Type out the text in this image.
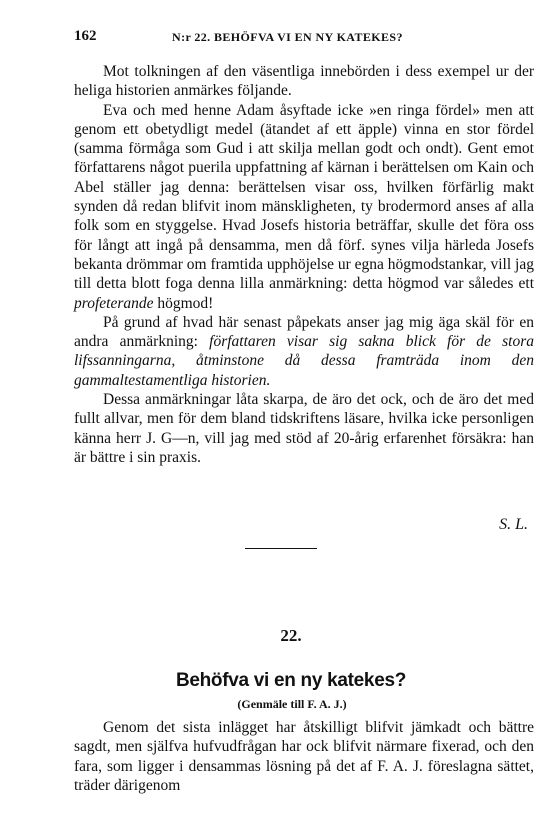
162	N:r 22. BEHÖFVA VI EN NY KATEKES?

Mot tolkningen af den väsentliga innebörden i dess exempel ur der heliga historien anmärkes följande.

Eva och med henne Adam åsyftade icke »en ringa fördel» men att genom ett obetydligt medel (ätandet af ett äpple) vinna en stor fördel (samma förmåga som Gud i att skilja mellan godt och ondt). Gent emot författarens något puerila uppfattning af kärnan i berättelsen om Kain och Abel ställer jag denna: berättelsen visar oss, hvilken förfärlig makt synden då redan blifvit inom mänskligheten, ty brodermord anses af alla folk som en styggelse. Hvad Josefs historia beträffar, skulle det föra oss för långt att ingå på densamma, men då förf. synes vilja härleda Josefs bekanta drömmar om framtida upphöjelse ur egna högmodstankar, vill jag till detta blott foga denna lilla anmärkning: detta högmod var således ett profeterande högmod!

På grund af hvad här senast påpekats anser jag mig äga skäl för en andra anmärkning: författaren visar sig sakna blick för de stora lifssanningarna, åtminstone då dessa framträda inom den gammaltestamentliga historien.

Dessa anmärkningar låta skarpa, de äro det ock, och de äro det med fullt allvar, men för dem bland tidskriftens läsare, hvilka icke personligen känna herr J. G—n, vill jag med stöd af 20-årig erfarenhet försäkra: han är bättre i sin praxis.

S. L.
22.
Behöfva vi en ny katekes?
(Genmäle till F. A. J.)

Genom det sista inlägget har åtskilligt blifvit jämkadt och bättre sagdt, men själfva hufvudfrågan har ock blifvit närmare fixerad, och den fara, som ligger i densammas lösning på det af F. A. J. föreslagna sättet, träder därigenom
